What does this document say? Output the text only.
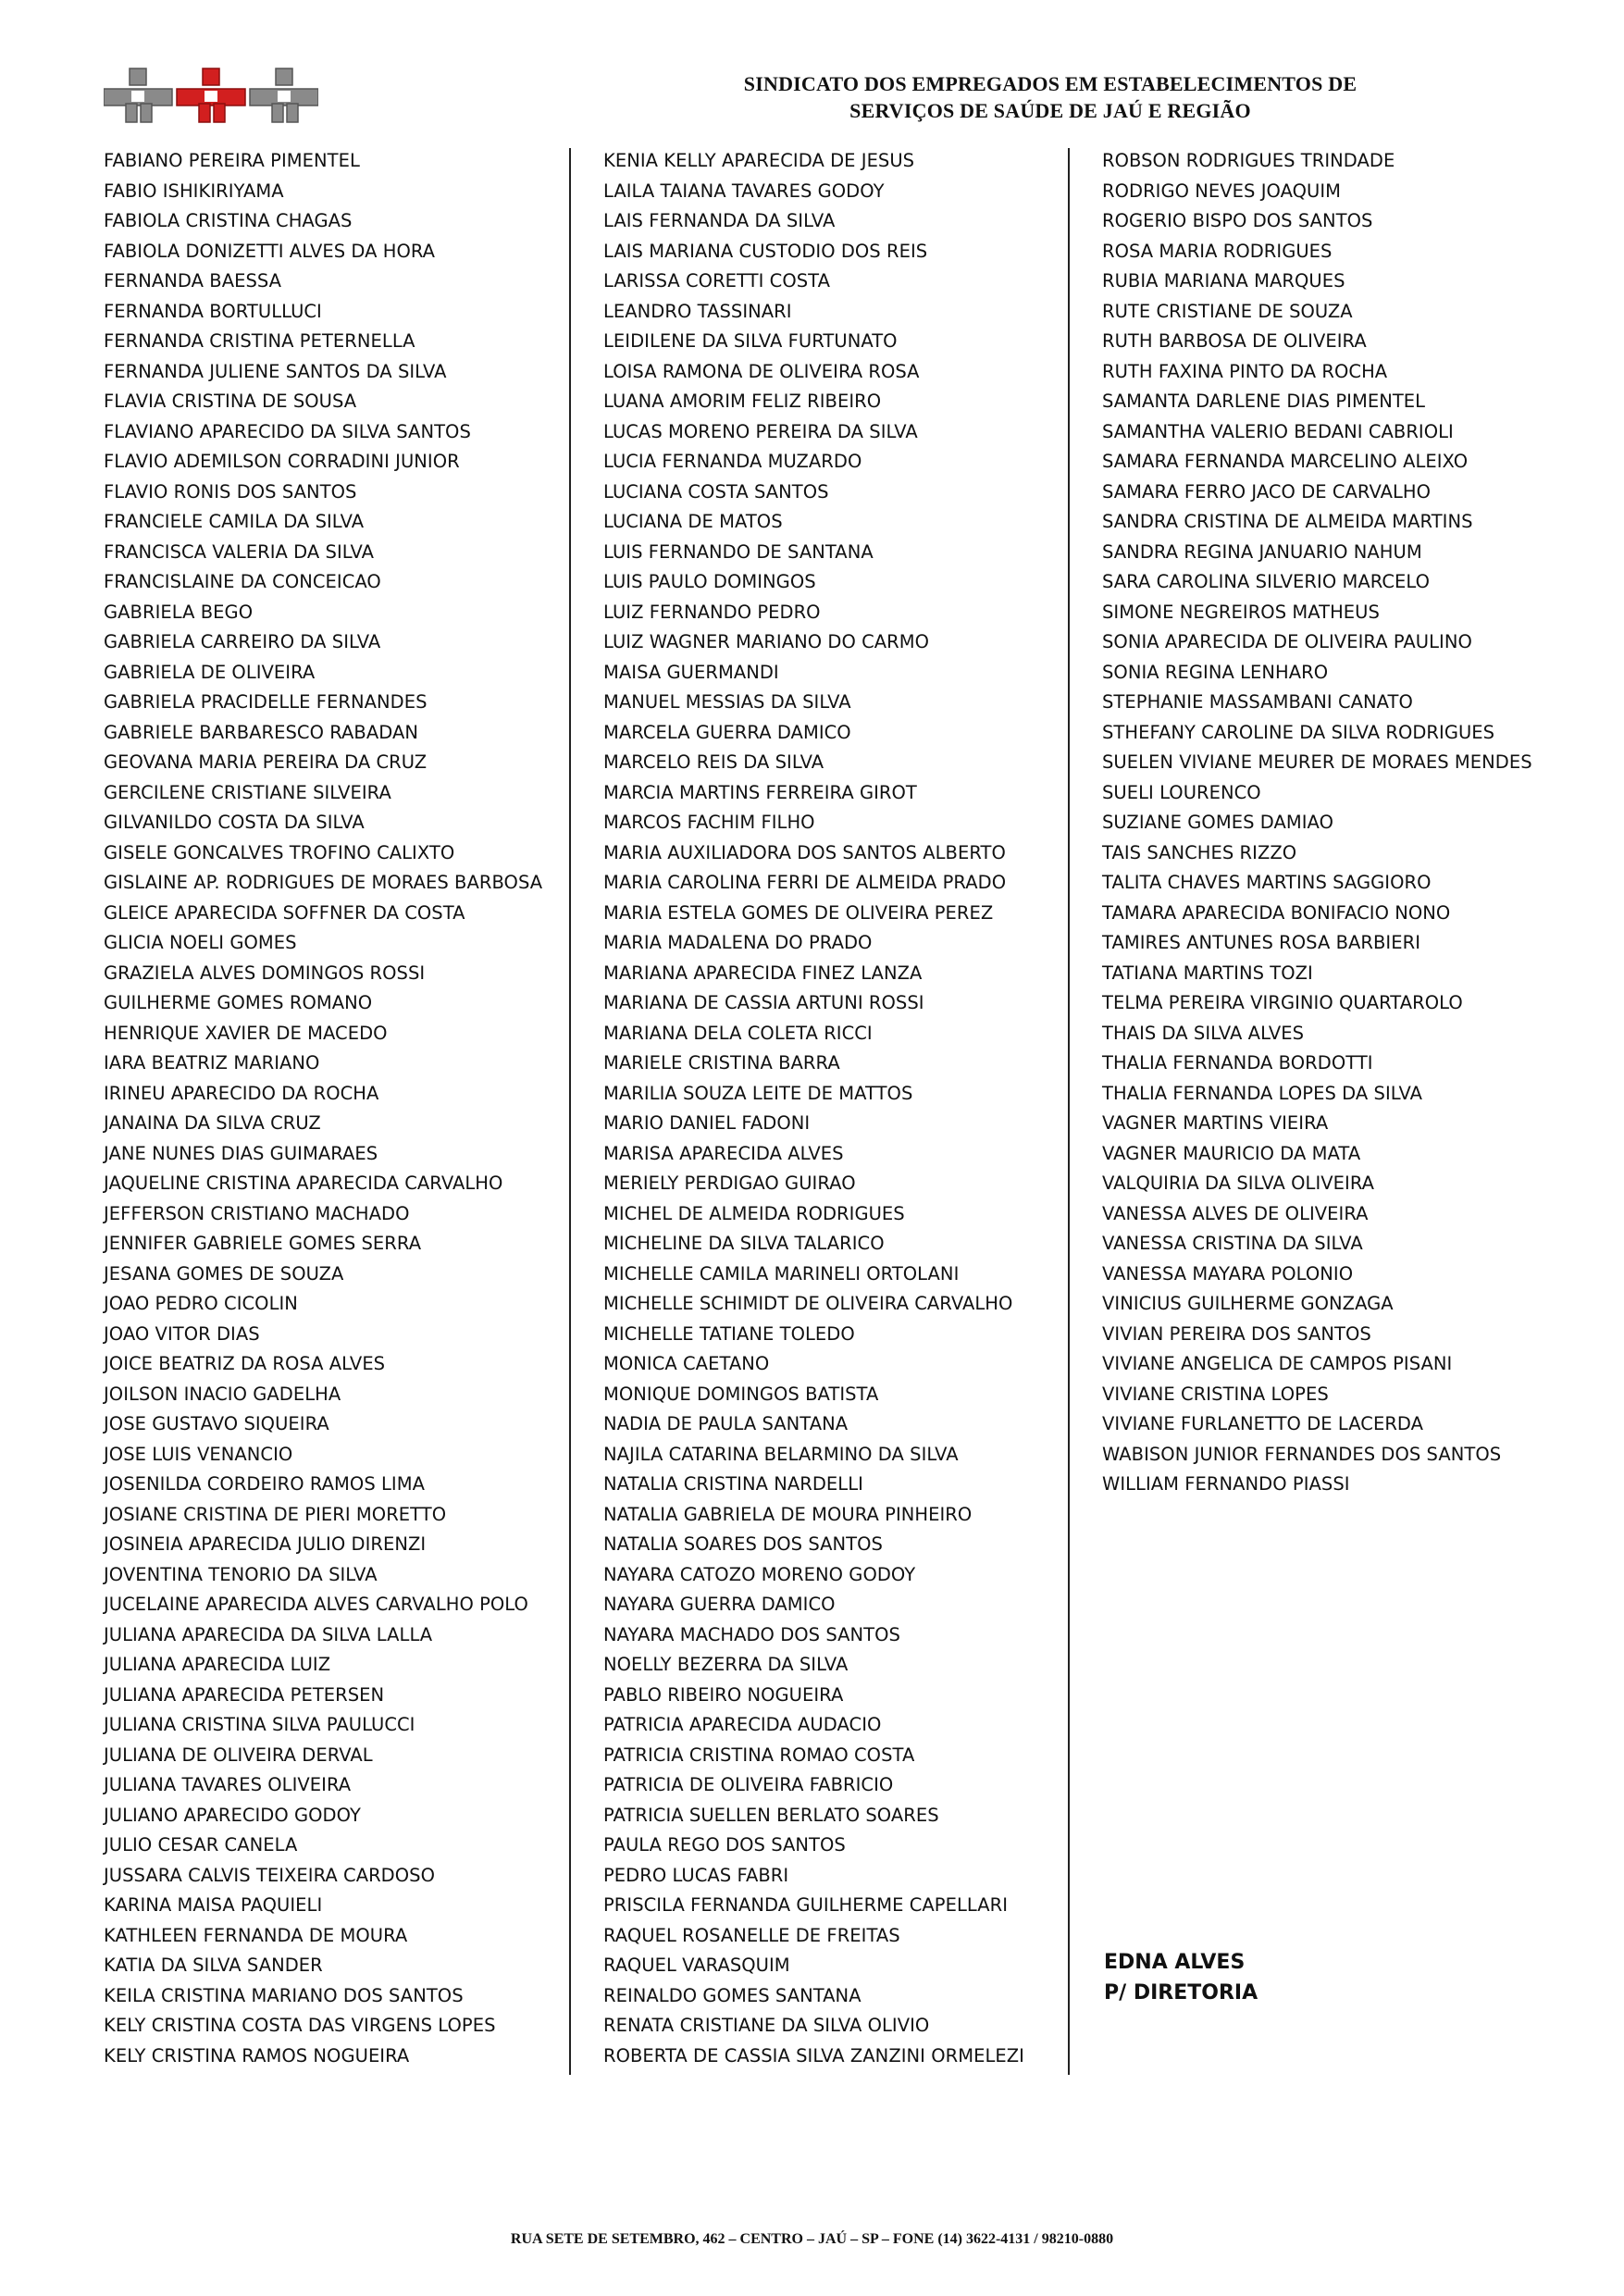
SINDICATO DOS EMPREGADOS EM ESTABELECIMENTOS DE
SERVIÇOS DE SAÚDE DE JAÚ E REGIÃO
FABIANO PEREIRA PIMENTEL
FABIO ISHIKIRIYAMA
FABIOLA CRISTINA CHAGAS
FABIOLA DONIZETTI ALVES DA HORA
FERNANDA BAESSA
FERNANDA BORTULLUCI
FERNANDA CRISTINA PETERNELLA
FERNANDA JULIENE SANTOS DA SILVA
FLAVIA CRISTINA DE SOUSA
FLAVIANO APARECIDO DA SILVA SANTOS
FLAVIO ADEMILSON CORRADINI JUNIOR
FLAVIO RONIS DOS SANTOS
FRANCIELE CAMILA DA SILVA
FRANCISCA VALERIA DA SILVA
FRANCISLAINE DA CONCEICAO
GABRIELA BEGO
GABRIELA CARREIRO DA SILVA
GABRIELA DE OLIVEIRA
GABRIELA PRACIDELLE FERNANDES
GABRIELE BARBARESCO RABADAN
GEOVANA MARIA PEREIRA DA CRUZ
GERCILENE CRISTIANE SILVEIRA
GILVANILDO COSTA DA SILVA
GISELE GONCALVES TROFINO CALIXTO
GISLAINE AP. RODRIGUES DE MORAES BARBOSA
GLEICE APARECIDA SOFFNER DA COSTA
GLICIA NOELI GOMES
GRAZIELA ALVES DOMINGOS ROSSI
GUILHERME GOMES ROMANO
HENRIQUE XAVIER DE MACEDO
IARA BEATRIZ MARIANO
IRINEU APARECIDO DA ROCHA
JANAINA DA SILVA CRUZ
JANE NUNES DIAS GUIMARAES
JAQUELINE CRISTINA APARECIDA CARVALHO
JEFFERSON CRISTIANO MACHADO
JENNIFER GABRIELE GOMES SERRA
JESANA GOMES DE SOUZA
JOAO PEDRO CICOLIN
JOAO VITOR DIAS
JOICE BEATRIZ DA ROSA ALVES
JOILSON INACIO GADELHA
JOSE GUSTAVO SIQUEIRA
JOSE LUIS VENANCIO
JOSENILDA CORDEIRO RAMOS LIMA
JOSIANE CRISTINA DE PIERI MORETTO
JOSINEIA APARECIDA JULIO DIRENZI
JOVENTINA TENORIO DA SILVA
JUCELAINE APARECIDA ALVES CARVALHO POLO
JULIANA APARECIDA DA SILVA LALLA
JULIANA APARECIDA LUIZ
JULIANA APARECIDA PETERSEN
JULIANA CRISTINA SILVA PAULUCCI
JULIANA DE OLIVEIRA DERVAL
JULIANA TAVARES OLIVEIRA
JULIANO APARECIDO GODOY
JULIO CESAR CANELA
JUSSARA CALVIS TEIXEIRA CARDOSO
KARINA MAISA PAQUIELI
KATHLEEN FERNANDA DE MOURA
KATIA DA SILVA SANDER
KEILA CRISTINA MARIANO DOS SANTOS
KELY CRISTINA COSTA DAS VIRGENS LOPES
KELY CRISTINA RAMOS NOGUEIRA
KENIA KELLY APARECIDA DE JESUS
LAILA TAIANA TAVARES GODOY
LAIS FERNANDA DA SILVA
LAIS MARIANA CUSTODIO DOS REIS
LARISSA CORETTI COSTA
LEANDRO TASSINARI
LEIDILENE DA SILVA FURTUNATO
LOISA RAMONA DE OLIVEIRA ROSA
LUANA AMORIM FELIZ RIBEIRO
LUCAS MORENO PEREIRA DA SILVA
LUCIA FERNANDA MUZARDO
LUCIANA COSTA SANTOS
LUCIANA DE MATOS
LUIS FERNANDO DE SANTANA
LUIS PAULO DOMINGOS
LUIZ FERNANDO PEDRO
LUIZ WAGNER MARIANO DO CARMO
MAISA GUERMANDI
MANUEL MESSIAS DA SILVA
MARCELA GUERRA DAMICO
MARCELO REIS DA SILVA
MARCIA MARTINS FERREIRA GIROT
MARCOS FACHIM FILHO
MARIA AUXILIADORA DOS SANTOS ALBERTO
MARIA CAROLINA FERRI DE ALMEIDA PRADO
MARIA ESTELA GOMES DE OLIVEIRA PEREZ
MARIA MADALENA DO PRADO
MARIANA APARECIDA FINEZ LANZA
MARIANA DE CASSIA ARTUNI ROSSI
MARIANA DELA COLETA RICCI
MARIELE CRISTINA BARRA
MARILIA SOUZA LEITE DE MATTOS
MARIO DANIEL FADONI
MARISA APARECIDA ALVES
MERIELY PERDIGAO GUIRAO
MICHEL DE ALMEIDA RODRIGUES
MICHELINE DA SILVA TALARICO
MICHELLE CAMILA MARINELI ORTOLANI
MICHELLE SCHIMIDT DE OLIVEIRA CARVALHO
MICHELLE TATIANE TOLEDO
MONICA CAETANO
MONIQUE DOMINGOS BATISTA
NADIA DE PAULA SANTANA
NAJILA CATARINA BELARMINO DA SILVA
NATALIA CRISTINA NARDELLI
NATALIA GABRIELA DE MOURA PINHEIRO
NATALIA SOARES DOS SANTOS
NAYARA CATOZO MORENO GODOY
NAYARA GUERRA DAMICO
NAYARA MACHADO DOS SANTOS
NOELLY BEZERRA DA SILVA
PABLO RIBEIRO NOGUEIRA
PATRICIA APARECIDA AUDACIO
PATRICIA CRISTINA ROMAO COSTA
PATRICIA DE OLIVEIRA FABRICIO
PATRICIA SUELLEN BERLATO SOARES
PAULA REGO DOS SANTOS
PEDRO LUCAS FABRI
PRISCILA FERNANDA GUILHERME CAPELLARI
RAQUEL ROSANELLE DE FREITAS
RAQUEL VARASQUIM
REINALDO GOMES SANTANA
RENATA CRISTIANE DA SILVA OLIVIO
ROBERTA DE CASSIA SILVA ZANZINI ORMELEZI
ROBSON RODRIGUES TRINDADE
RODRIGO NEVES JOAQUIM
ROGERIO BISPO DOS SANTOS
ROSA MARIA RODRIGUES
RUBIA MARIANA MARQUES
RUTE CRISTIANE DE SOUZA
RUTH BARBOSA DE OLIVEIRA
RUTH FAXINA PINTO DA ROCHA
SAMANTA DARLENE DIAS PIMENTEL
SAMANTHA VALERIO BEDANI CABRIOLI
SAMARA FERNANDA MARCELINO ALEIXO
SAMARA FERRO JACO DE CARVALHO
SANDRA CRISTINA DE ALMEIDA MARTINS
SANDRA REGINA JANUARIO NAHUM
SARA CAROLINA SILVERIO MARCELO
SIMONE NEGREIROS MATHEUS
SONIA APARECIDA DE OLIVEIRA PAULINO
SONIA REGINA LENHARO
STEPHANIE MASSAMBANI CANATO
STHEFANY CAROLINE DA SILVA RODRIGUES
SUELEN VIVIANE MEURER DE MORAES MENDES
SUELI LOURENCO
SUZIANE GOMES DAMIAO
TAIS SANCHES RIZZO
TALITA CHAVES MARTINS SAGGIORO
TAMARA APARECIDA BONIFACIO NONO
TAMIRES ANTUNES ROSA BARBIERI
TATIANA MARTINS TOZI
TELMA PEREIRA VIRGINIO QUARTAROLO
THAIS DA SILVA ALVES
THALIA FERNANDA BORDOTTI
THALIA FERNANDA LOPES DA SILVA
VAGNER MARTINS VIEIRA
VAGNER MAURICIO DA MATA
VALQUIRIA DA SILVA OLIVEIRA
VANESSA ALVES DE OLIVEIRA
VANESSA CRISTINA DA SILVA
VANESSA MAYARA POLONIO
VINICIUS GUILHERME GONZAGA
VIVIAN PEREIRA DOS SANTOS
VIVIANE ANGELICA DE CAMPOS PISANI
VIVIANE CRISTINA LOPES
VIVIANE FURLANETTO DE LACERDA
WABISON JUNIOR FERNANDES DOS SANTOS
WILLIAM FERNANDO PIASSI
EDNA ALVES
P/ DIRETORIA
RUA SETE DE SETEMBRO, 462 – CENTRO – JAÚ – SP – FONE (14) 3622-4131 / 98210-0880
